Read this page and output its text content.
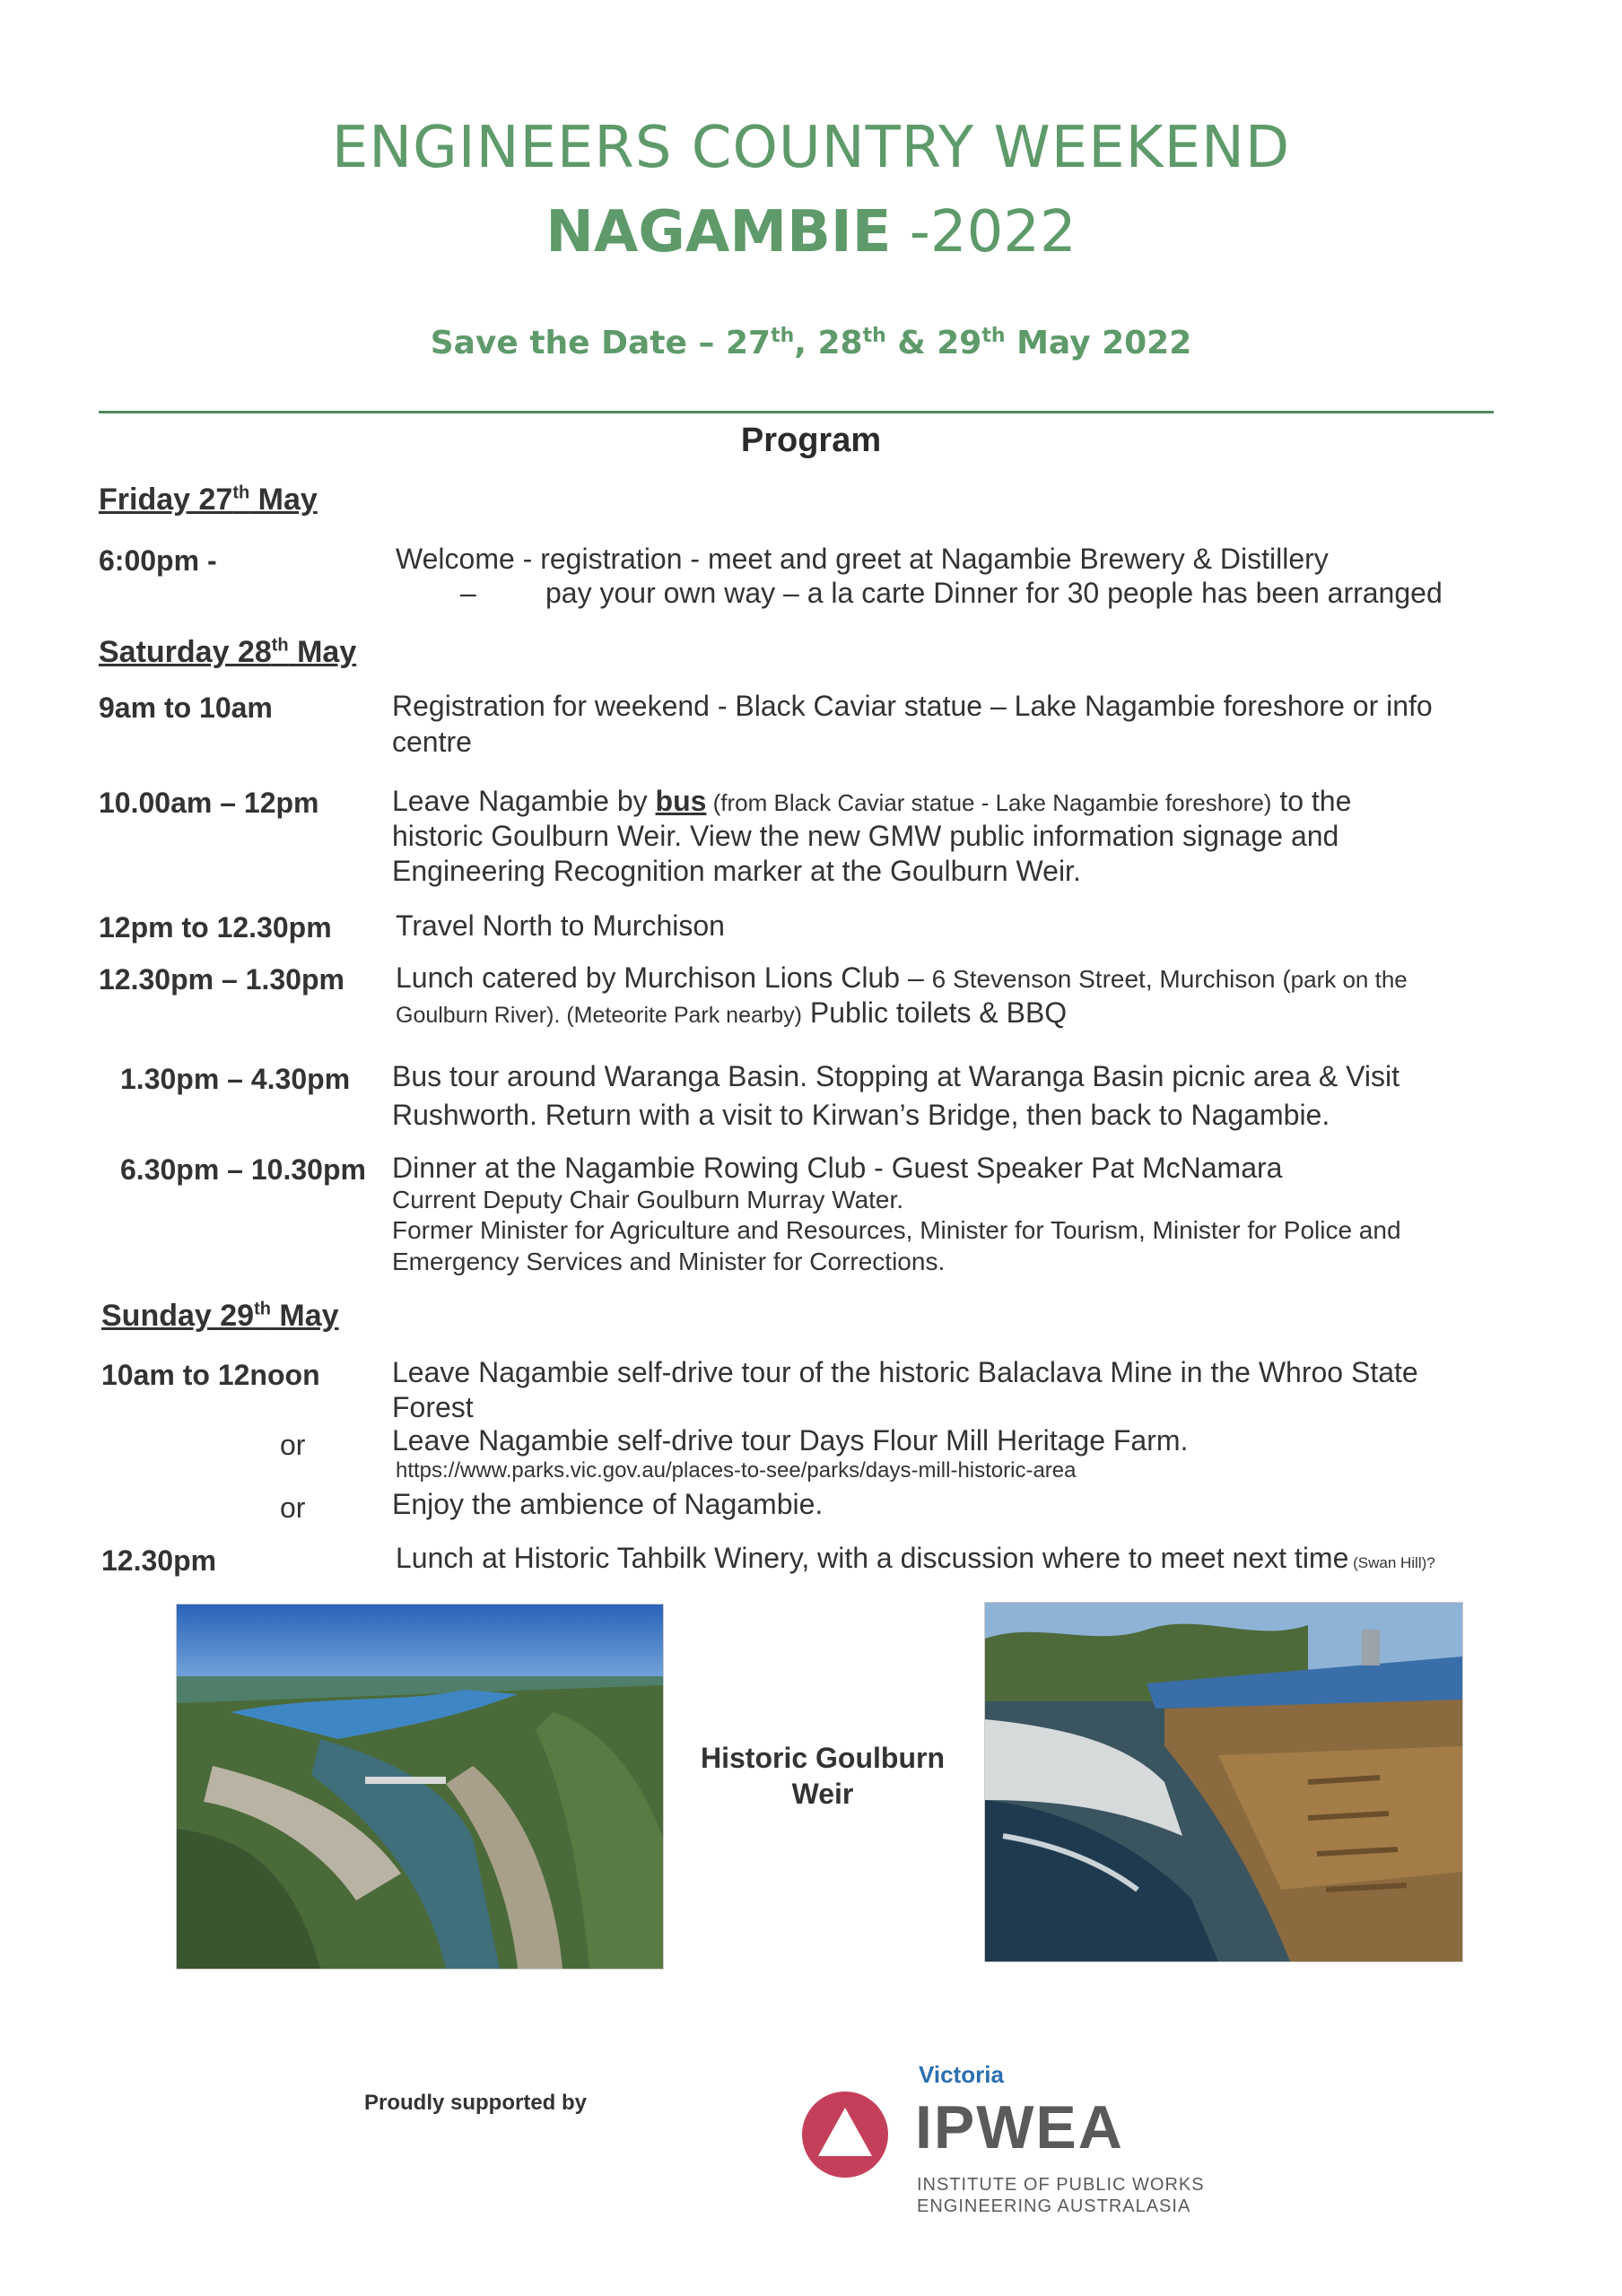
ENGINEERS COUNTRY WEEKEND
NAGAMBIE -2022
Save the Date – 27th, 28th & 29th May 2022
Program
Friday 27th May
6:00pm -	Welcome - registration - meet and greet at Nagambie Brewery & Distillery
– pay your own way – a la carte Dinner for 30 people has been arranged
Saturday 28th May
9am to 10am	Registration for weekend - Black Caviar statue – Lake Nagambie foreshore or info
centre
10.00am – 12pm	Leave Nagambie by bus (from Black Caviar statue - Lake Nagambie foreshore) to the
historic Goulburn Weir. View the new GMW public information signage and
Engineering Recognition marker at the Goulburn Weir.
12pm to 12.30pm Travel North to Murchison
12.30pm – 1.30pm Lunch catered by Murchison Lions Club – 6 Stevenson Street, Murchison (park on the
Goulburn River). (Meteorite Park nearby) Public toilets & BBQ
1.30pm – 4.30pm Bus tour around Waranga Basin. Stopping at Waranga Basin picnic area & Visit
Rushworth. Return with a visit to Kirwan’s Bridge, then back to Nagambie.
6.30pm – 10.30pm Dinner at the Nagambie Rowing Club - Guest Speaker Pat McNamara
Current Deputy Chair Goulburn Murray Water.
Former Minister for Agriculture and Resources, Minister for Tourism, Minister for Police and
Emergency Services and Minister for Corrections.
Sunday 29th May
10am to 12noon	Leave Nagambie self-drive tour of the historic Balaclava Mine in the Whroo State
Forest
or	Leave Nagambie self-drive tour Days Flour Mill Heritage Farm.
https://www.parks.vic.gov.au/places-to-see/parks/days-mill-historic-area
or	Enjoy the ambience of Nagambie.
12.30pm	Lunch at Historic Tahbilk Winery, with a discussion where to meet next time (Swan Hill)?
Historic Goulburn
Weir
Proudly supported by
Victoria
IPWEA
INSTITUTE OF PUBLIC WORKS
ENGINEERING AUSTRALASIA
